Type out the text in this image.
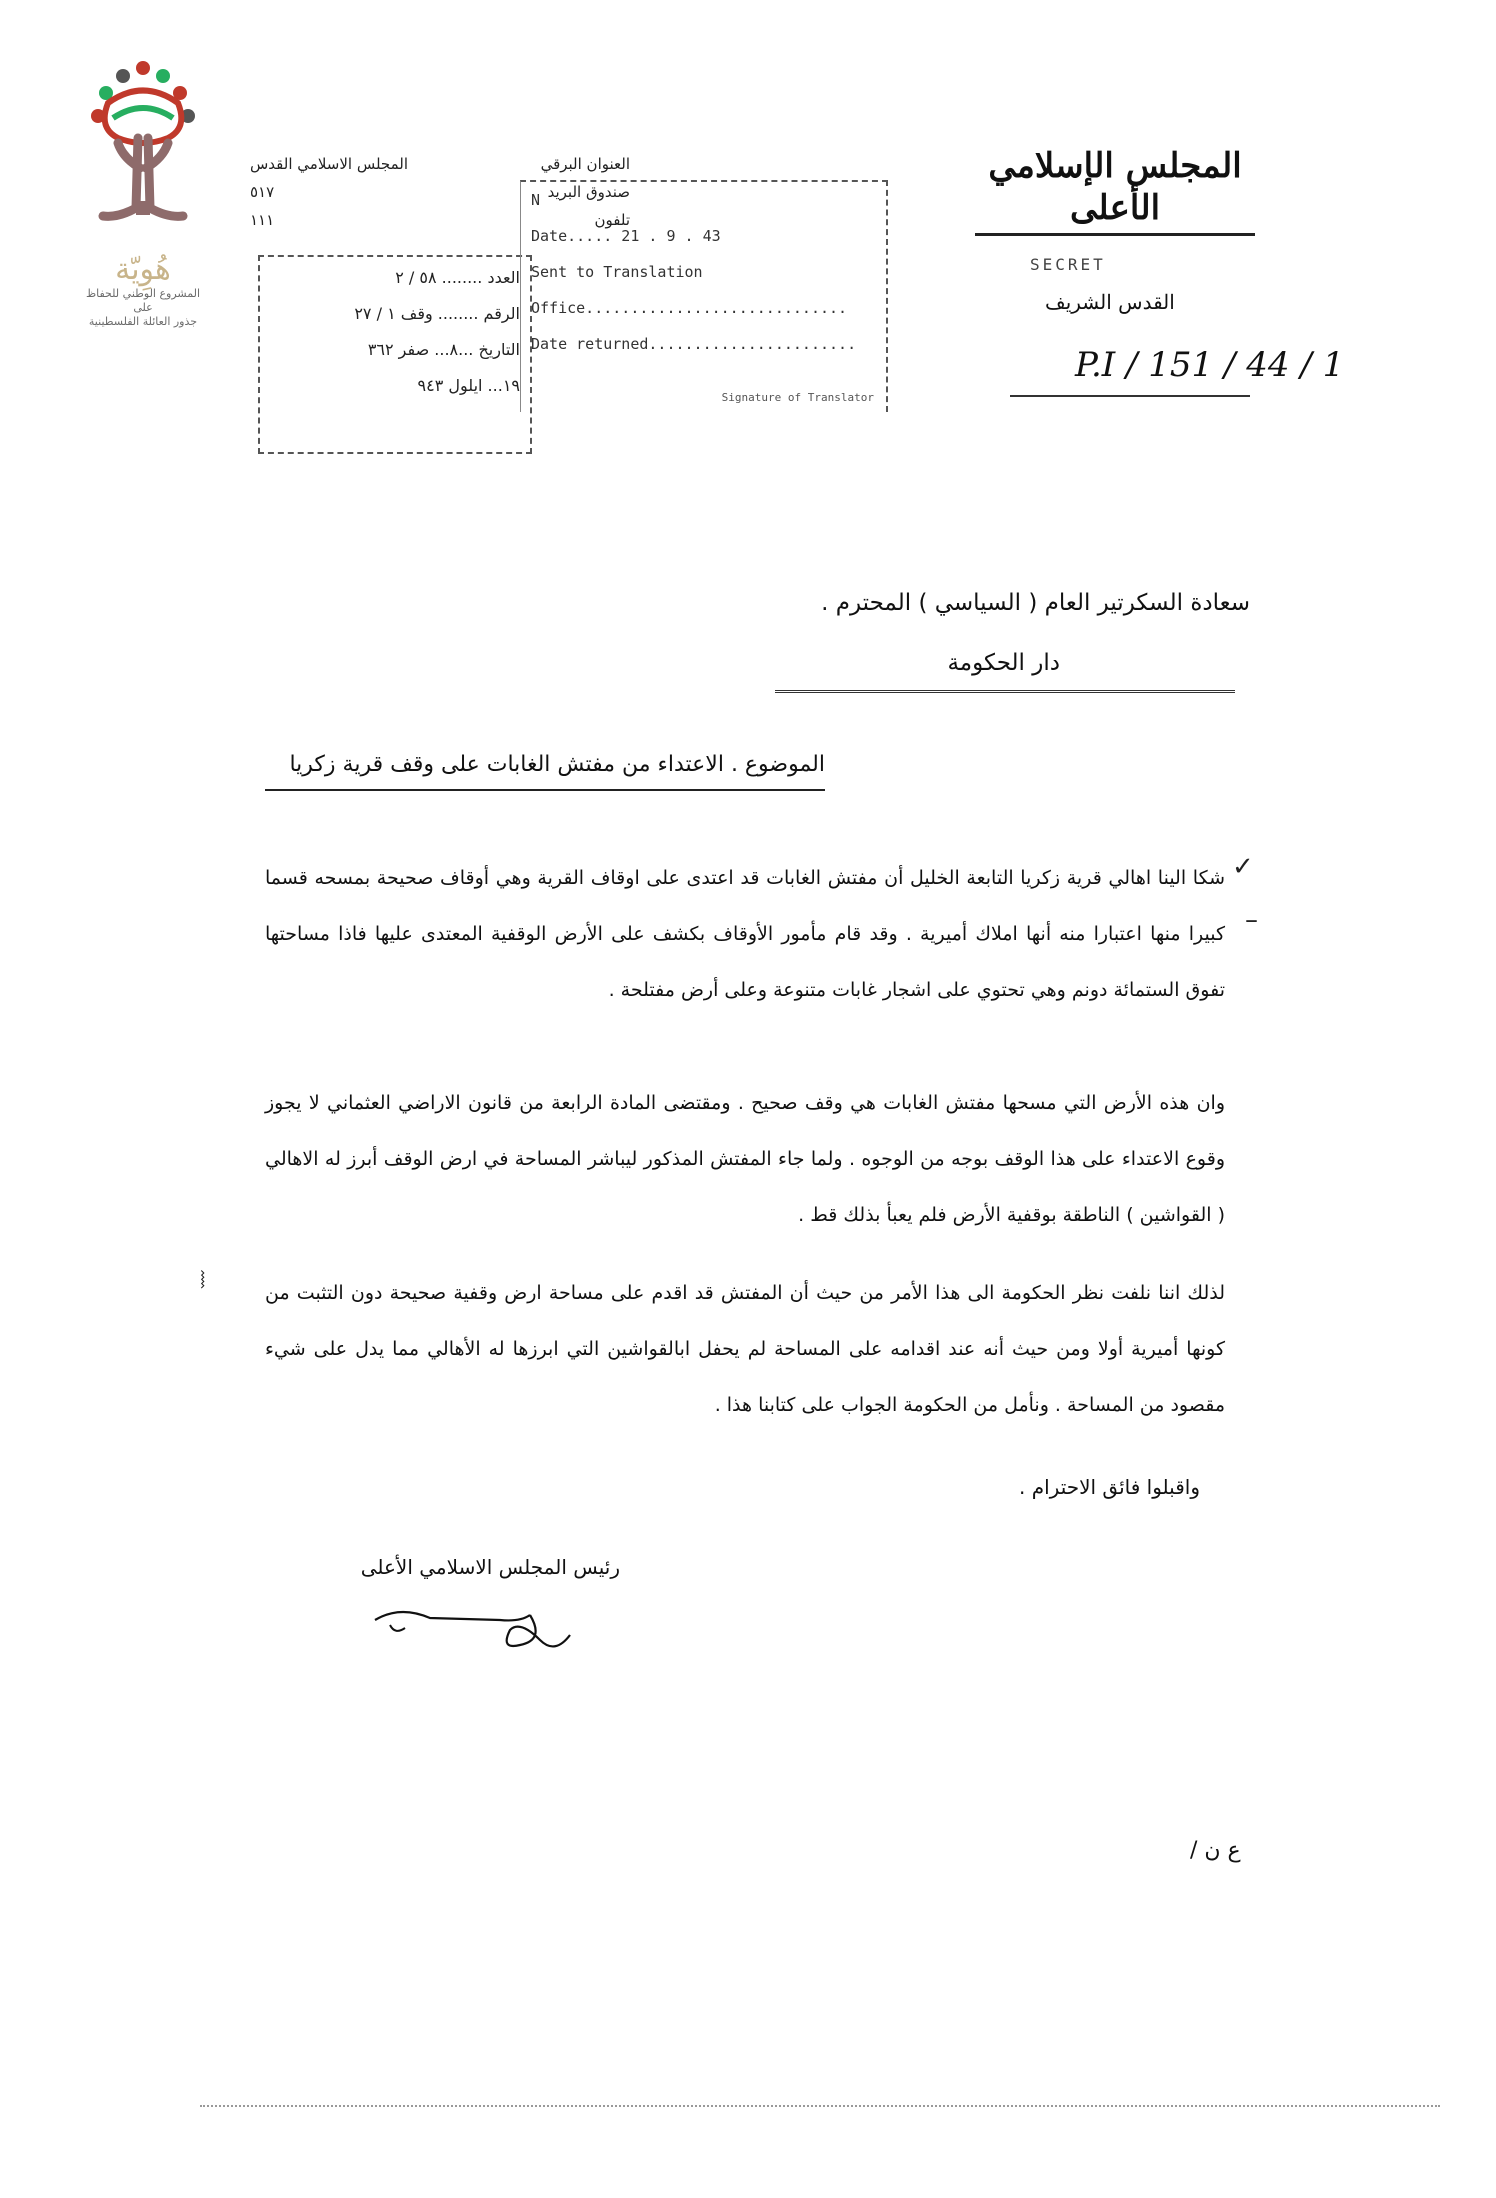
هُوِيّة
المشروع الوطني للحفاظ على
جذور العائلة الفلسطينية
العنوان البرقي
المجلس الاسلامي القدس
صندوق البريد
٥١٧
تلفون
١١١
العدد ........ ٥٨ / ٢
الرقم ........ وقف ١ / ٢٧
التاريخ ...٨... صفر ٣٦٢
١٩... ايلول ٩٤٣
N
Date..... 21 . 9 . 43
Sent to Translation
Office.............................
Date returned.......................
Signature of Translator
المجلس الإسلامي الأعلى
SECRET
القدس الشريف
P.I / 151 / 44 / 1
سعادة السكرتير العام ( السياسي ) المحترم .
دار الحكومة
الموضوع . الاعتداء من مفتش الغابات على وقف قرية زكريا
✓
–
⧘
شكا الينا اهالي قرية زكريا التابعة الخليل أن مفتش الغابات قد اعتدى على اوقاف القرية وهي أوقاف صحيحة بمسحه قسما كبيرا منها اعتبارا منه أنها املاك أميرية . وقد قام مأمور الأوقاف بكشف على الأرض الوقفية المعتدى عليها فاذا مساحتها تفوق الستمائة دونم وهي تحتوي على اشجار غابات متنوعة وعلى أرض مفتلحة .
وان هذه الأرض التي مسحها مفتش الغابات هي وقف صحيح . ومقتضى المادة الرابعة من قانون الاراضي العثماني لا يجوز وقوع الاعتداء على هذا الوقف بوجه من الوجوه . ولما جاء المفتش المذكور ليباشر المساحة في ارض الوقف أبرز له الاهالي ( القواشين ) الناطقة بوقفية الأرض فلم يعبأ بذلك قط .
لذلك اننا نلفت نظر الحكومة الى هذا الأمر من حيث أن المفتش قد اقدم على مساحة ارض وقفية صحيحة دون التثبت من كونها أميرية أولا ومن حيث أنه عند اقدامه على المساحة لم يحفل ابالقواشين التي ابرزها له الأهالي مما يدل على شيء مقصود من المساحة . ونأمل من الحكومة الجواب على كتابنا هذا .
واقبلوا فائق الاحترام .
رئيس المجلس الاسلامي الأعلى
ع ن /
